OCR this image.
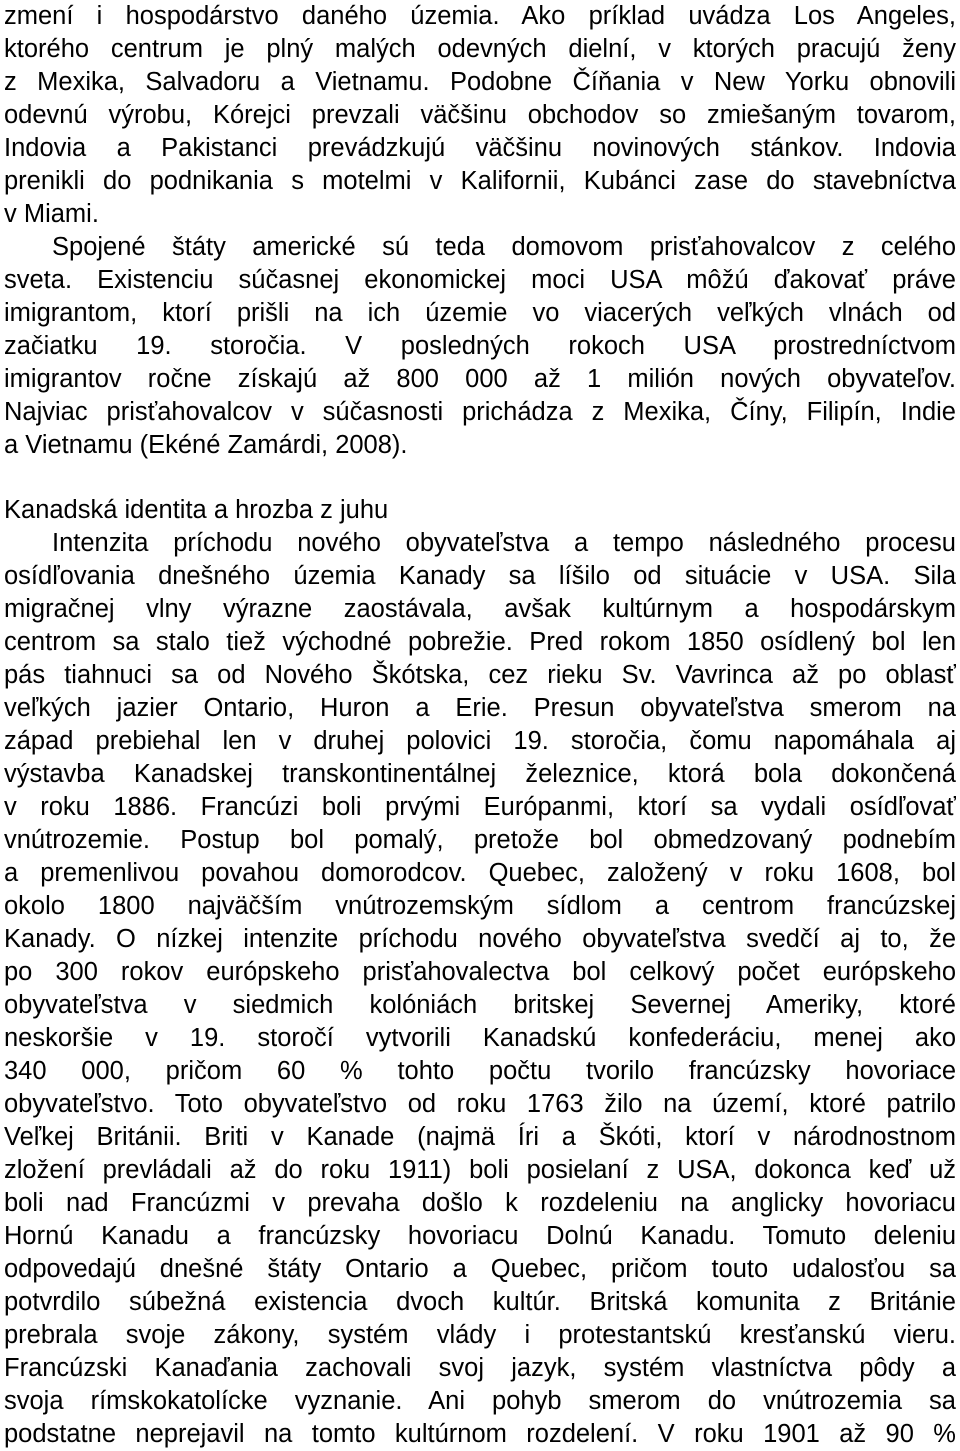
zmení i hospodárstvo daného územia. Ako príklad uvádza Los Angeles,
ktorého centrum je plný malých odevných dielní, v ktorých pracujú ženy
z Mexika, Salvadoru a Vietnamu. Podobne Číňania v New Yorku obnovili
odevnú výrobu, Kórejci prevzali väčšinu obchodov so zmiešaným tovarom,
Indovia a Pakistanci prevádzkujú väčšinu novinových stánkov. Indovia
prenikli do podnikania s motelmi v Kalifornii, Kubánci zase do stavebníctva
v Miami.
Spojené štáty americké sú teda domovom prisťahovalcov z celého
sveta. Existenciu súčasnej ekonomickej moci USA môžú ďakovať práve
imigrantom, ktorí prišli na ich územie vo viacerých veľkých vlnách od
začiatku 19. storočia. V posledných rokoch USA prostredníctvom
imigrantov ročne získajú až 800 000 až 1 milión nových obyvateľov.
Najviac prisťahovalcov v súčasnosti prichádza z Mexika, Číny, Filipín, Indie
a Vietnamu (Ekéné Zamárdi, 2008).
Kanadská identita a hrozba z juhu
Intenzita príchodu nového obyvateľstva a tempo následného procesu
osídľovania dnešného územia Kanady sa líšilo od situácie v USA. Sila
migračnej vlny výrazne zaostávala, avšak kultúrnym a hospodárskym
centrom sa stalo tiež východné pobrežie. Pred rokom 1850 osídlený bol len
pás tiahnuci sa od Nového Škótska, cez rieku Sv. Vavrinca až po oblasť
veľkých jazier Ontario, Huron a Erie. Presun obyvateľstva smerom na
západ prebiehal len v druhej polovici 19. storočia, čomu napomáhala aj
výstavba Kanadskej transkontinentálnej železnice, ktorá bola dokončená
v roku 1886. Francúzi boli prvými Európanmi, ktorí sa vydali osídľovať
vnútrozemie. Postup bol pomalý, pretože bol obmedzovaný podnebím
a premenlivou povahou domorodcov. Quebec, založený v roku 1608, bol
okolo 1800 najväčším vnútrozemským sídlom a centrom francúzskej
Kanady. O nízkej intenzite príchodu nového obyvateľstva svedčí aj to, že
po 300 rokov európskeho prisťahovalectva bol celkový počet európskeho
obyvateľstva v siedmich kolóniách britskej Severnej Ameriky, ktoré
neskoršie v 19. storočí vytvorili Kanadskú konfederáciu, menej ako
340 000, pričom 60 % tohto počtu tvorilo francúzsky hovoriace
obyvateľstvo. Toto obyvateľstvo od roku 1763 žilo na území, ktoré patrilo
Veľkej Británii. Briti v Kanade (najmä Íri a Škóti, ktorí v národnostnom
zložení prevládali až do roku 1911) boli posielaní z USA, dokonca keď už
boli nad Francúzmi v prevaha došlo k rozdeleniu na anglicky hovoriacu
Hornú Kanadu a francúzsky hovoriacu Dolnú Kanadu. Tomuto deleniu
odpovedajú dnešné štáty Ontario a Quebec, pričom touto udalosťou sa
potvrdilo súbežná existencia dvoch kultúr. Britská komunita z Británie
prebrala svoje zákony, systém vlády i protestantskú kresťanskú vieru.
Francúzski Kanaďania zachovali svoj jazyk, systém vlastníctva pôdy a
svoja rímskokatolícke vyznanie. Ani pohyb smerom do vnútrozemia sa
podstatne neprejavil na tomto kultúrnom rozdelení. V roku 1901 až 90 %
